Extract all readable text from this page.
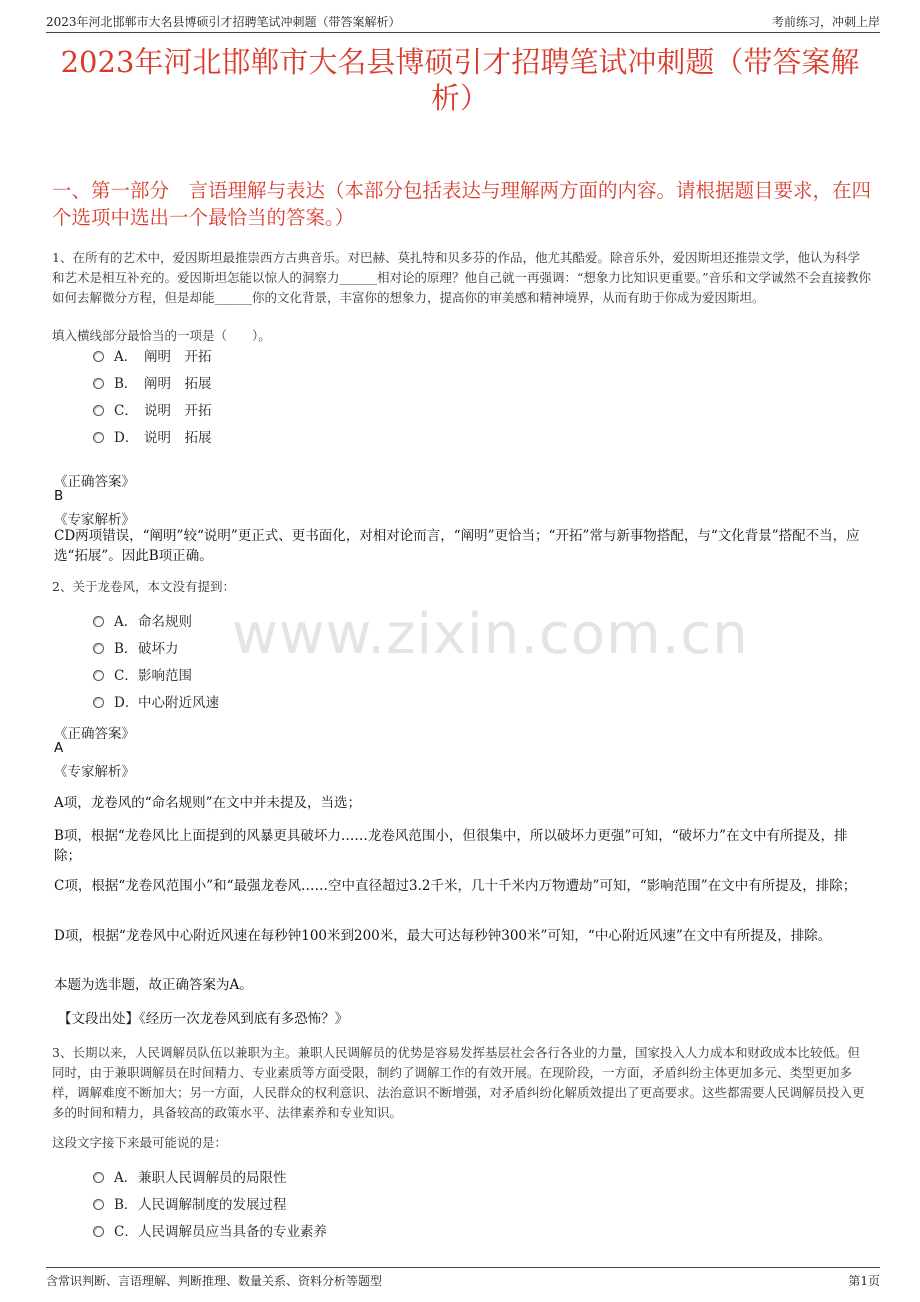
2023年河北邯郸市大名县博硕引才招聘笔试冲刺题（带答案解析）	考前练习，冲刺上岸
2023年河北邯郸市大名县博硕引才招聘笔试冲刺题（带答案解析）
一、第一部分　言语理解与表达（本部分包括表达与理解两方面的内容。请根据题目要求，在四个选项中选出一个最恰当的答案。）
www.zixin.com.cn
1、在所有的艺术中，爱因斯坦最推崇西方古典音乐。对巴赫、莫扎特和贝多芬的作品，他尤其酷爱。除音乐外，爱因斯坦还推崇文学，他认为科学和艺术是相互补充的。爱因斯坦怎能以惊人的洞察力______相对论的原理？他自己就一再强调：“想象力比知识更重要。”音乐和文学诚然不会直接教你如何去解微分方程，但是却能______你的文化背景，丰富你的想象力，提高你的审美感和精神境界，从而有助于你成为爱因斯坦。
填入横线部分最恰当的一项是（　　）。
A． 阐明　开拓
B． 阐明　拓展
C． 说明　开拓
D． 说明　拓展
《正确答案》
B
《专家解析》
CD两项错误，“阐明”较“说明”更正式、更书面化，对相对论而言，“阐明”更恰当；“开拓”常与新事物搭配，与“文化背景”搭配不当，应选“拓展”。因此B项正确。
2、关于龙卷风，本文没有提到：
A．命名规则
B．破坏力
C．影响范围
D．中心附近风速
《正确答案》
A
《专家解析》
A项，龙卷风的“命名规则”在文中并未提及，当选；
B项，根据“龙卷风比上面提到的风暴更具破坏力……龙卷风范围小，但很集中，所以破坏力更强”可知，“破坏力”在文中有所提及，排除；
C项，根据“龙卷风范围小”和“最强龙卷风……空中直径超过3.2千米，几十千米内万物遭劫”可知，“影响范围”在文中有所提及，排除；
D项，根据“龙卷风中心附近风速在每秒钟100米到200米，最大可达每秒钟300米”可知，“中心附近风速”在文中有所提及，排除。
本题为选非题，故正确答案为A。
【文段出处】《经历一次龙卷风到底有多恐怖？》
3、长期以来，人民调解员队伍以兼职为主。兼职人民调解员的优势是容易发挥基层社会各行各业的力量，国家投入人力成本和财政成本比较低。但同时，由于兼职调解员在时间精力、专业素质等方面受限，制约了调解工作的有效开展。在现阶段，一方面，矛盾纠纷主体更加多元、类型更加多样，调解难度不断加大；另一方面，人民群众的权利意识、法治意识不断增强，对矛盾纠纷化解质效提出了更高要求。这些都需要人民调解员投入更多的时间和精力，具备较高的政策水平、法律素养和专业知识。
这段文字接下来最可能说的是：
A．兼职人民调解员的局限性
B．人民调解制度的发展过程
C．人民调解员应当具备的专业素养
含常识判断、言语理解、判断推理、数量关系、资料分析等题型	第1页
